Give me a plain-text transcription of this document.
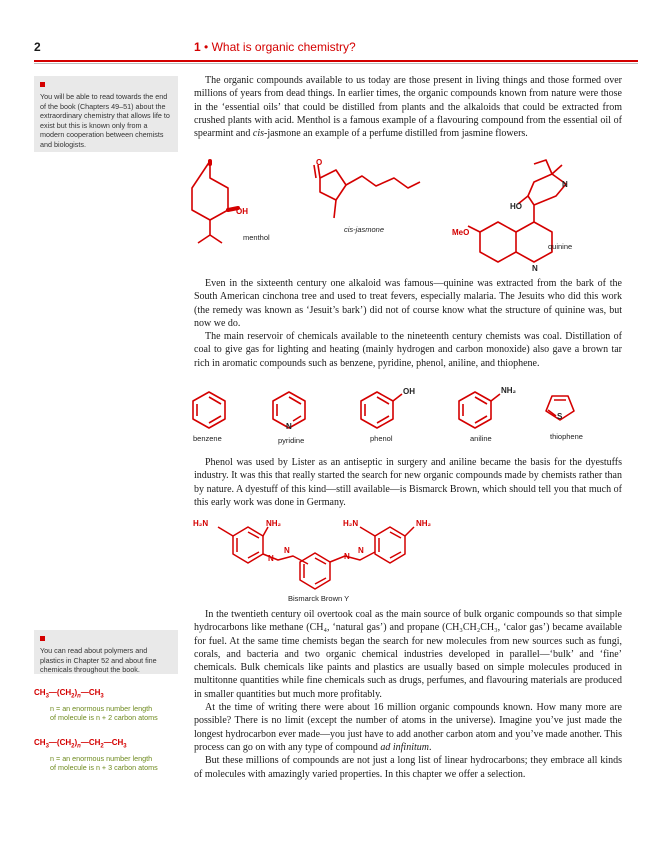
2	1 • What is organic chemistry?
You will be able to read towards the end of the book (Chapters 49–51) about the extraordinary chemistry that allows life to exist but this is known only from a modern cooperation between chemists and biologists.

The organic compounds available to us today are those present in living things and those formed over millions of years from dead things. In earlier times, the organic compounds known from nature were those in the ‘essential oils’ that could be distilled from plants and the alkaloids that could be extracted from crushed plants with acid. Menthol is a famous example of a flavouring compound from the essential oil of spearmint and cis-jasmone an example of a perfume distilled from jasmine flowers.

OH
menthol
O
cis-jasmone
HO
MeO
N
N
quinine

Even in the sixteenth century one alkaloid was famous—quinine was extracted from the bark of the South American cinchona tree and used to treat fevers, especially malaria. The Jesuits who did this work (the remedy was known as ‘Jesuit’s bark’) did not of course know what the structure of quinine was, but now we do.

The main reservoir of chemicals available to the nineteenth century chemists was coal. Distillation of coal to give gas for lighting and heating (mainly hydrogen and carbon monoxide) also gave a brown tar rich in aromatic compounds such as benzene, pyridine, phenol, aniline, and thiophene.

N
OH	NH₂
S
benzene	pyridine	phenol	aniline	thiophene

Phenol was used by Lister as an antiseptic in surgery and aniline became the basis for the dyestuffs industry. It was this that really started the search for new organic compounds made by chemists rather than by nature. A dyestuff of this kind—still available—is Bismarck Brown, which should tell you that much of this early work was done in Germany.

H₂N	NH₂	H₂N	NH₂
N
N
N
N
Bismarck Brown Y
You can read about polymers and plastics in Chapter 52 and about fine chemicals throughout the book.
$CH_3—(CH_2)_n—CH_3$
n = an enormous number length of molecule is n + 2 carbon atoms
$CH_3—(CH_2)_n—CH_2—CH_3$
n = an enormous number length of molecule is n + 3 carbon atoms

In the twentieth century oil overtook coal as the main source of bulk organic compounds so that simple hydrocarbons like methane (CH₄, ‘natural gas’) and propane (CH₃CH₂CH₃, ‘calor gas’) became available for fuel. At the same time chemists began the search for new molecules from new sources such as fungi, corals, and bacteria and two organic chemical industries developed in parallel—‘bulk’ and ‘fine’ chemicals. Bulk chemicals like paints and plastics are usually based on simple molecules produced in multitonne quantities while fine chemicals such as drugs, perfumes, and flavouring materials are produced in smaller quantities but much more profitably.

At the time of writing there were about 16 million organic compounds known. How many more are possible? There is no limit (except the number of atoms in the universe). Imagine you’ve just made the longest hydrocarbon ever made—you just have to add another carbon atom and you’ve made another. This process can go on with any type of compound ad infinitum.

But these millions of compounds are not just a long list of linear hydrocarbons; they embrace all kinds of molecules with amazingly varied properties. In this chapter we offer a selection.
